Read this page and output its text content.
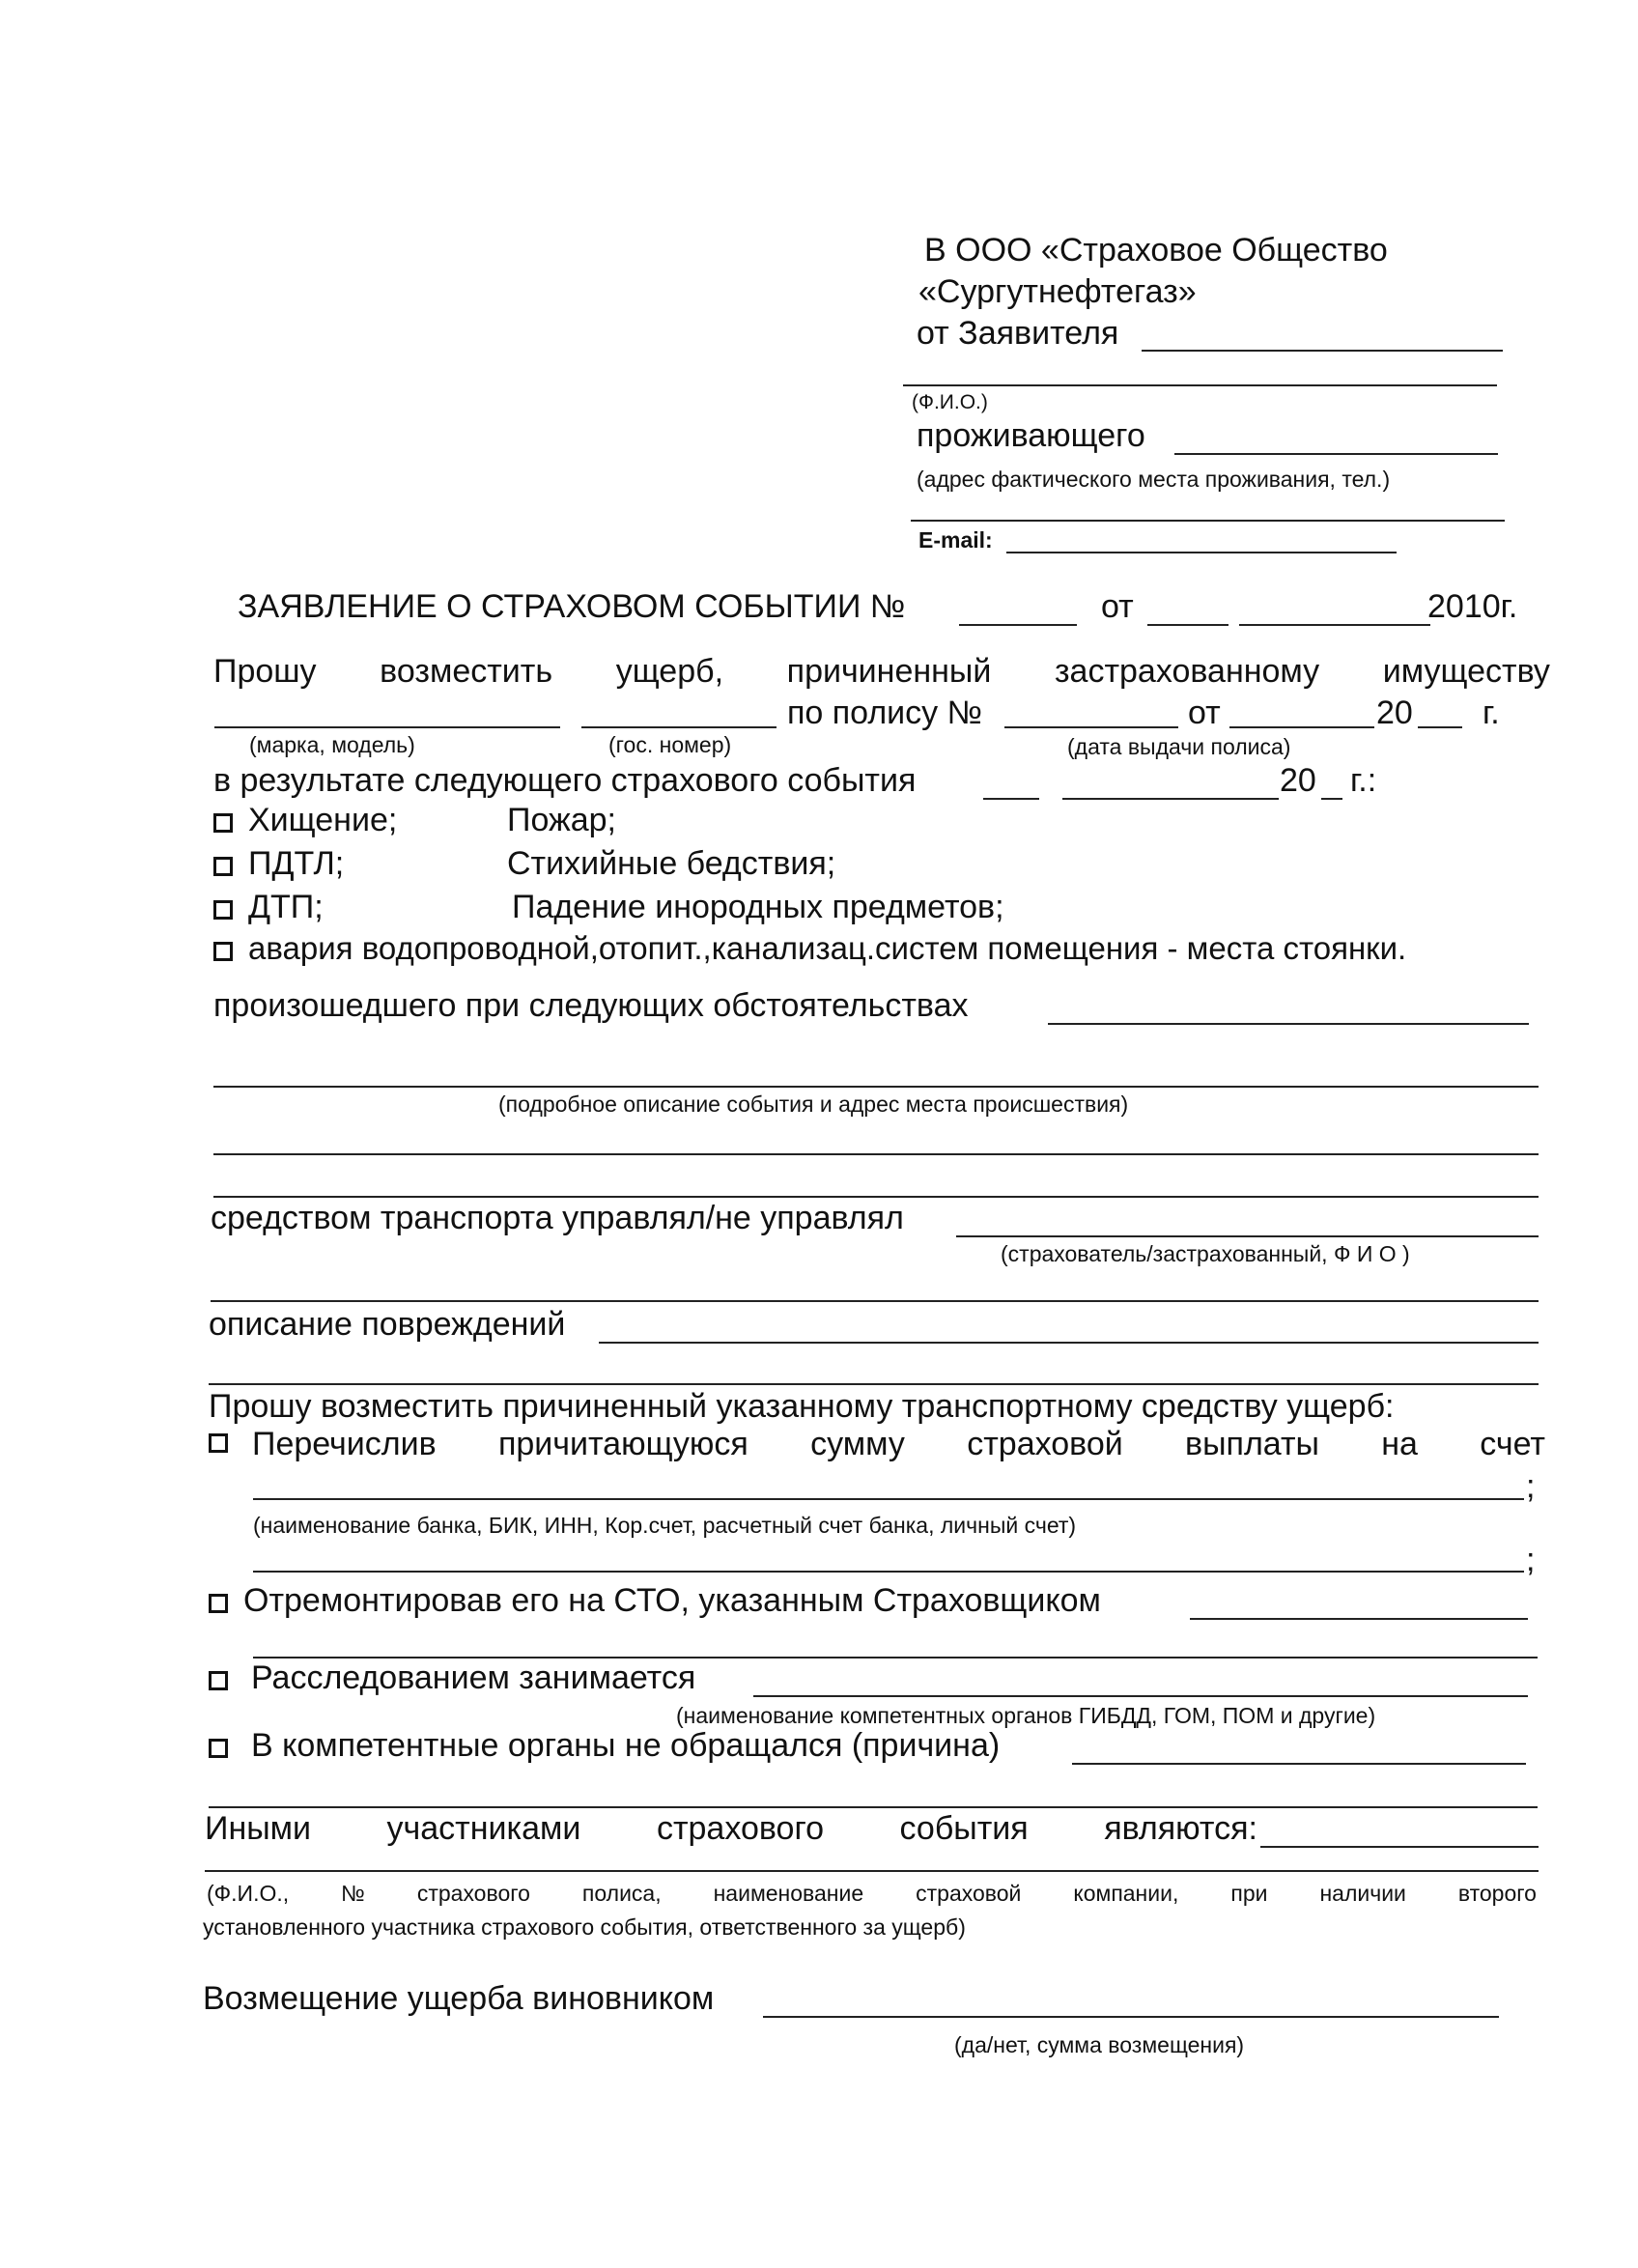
В ООО «Страховое Общество
«Сургутнефтегаз»
от Заявителя
(Ф.И.О.)
проживающего
(адрес фактического места проживания, тел.)
E-mail:
ЗАЯВЛЕНИЕ О СТРАХОВОМ СОБЫТИИ №	от	2010г.
Прошу возместить ущерб, причиненный застрахованному имуществу
по полису №	от	20 г.
(марка, модель)	(гос. номер)	(дата выдачи полиса)
в результате следующего страхового события	20 г.:
Хищение;	Пожар;
ПДТЛ;	Стихийные бедствия;
ДТП;	Падение инородных предметов;
авария водопроводной,отопит.,канализац.систем помещения - места стоянки.
произошедшего при следующих обстоятельствах
(подробное описание события и адрес места происшествия)
средством транспорта управлял/не управлял
(страхователь/застрахованный, Ф И О )
описание повреждений
Прошу возместить причиненный указанному транспортному средству ущерб:
Перечислив причитающуюся сумму страховой выплаты на счет
;
(наименование банка, БИК, ИНН, Кор.счет, расчетный счет банка, личный счет)
;
Отремонтировав его на СТО, указанным Страховщиком
Расследованием занимается
(наименование компетентных органов ГИБДД, ГОМ, ПОМ и другие)
В компетентные органы не обращался (причина)
Иными участниками страхового события являются:
(Ф.И.О., № страхового полиса, наименование страховой компании, при наличии второго
установленного участника страхового события, ответственного за ущерб)
Возмещение ущерба виновником
(да/нет, сумма возмещения)
